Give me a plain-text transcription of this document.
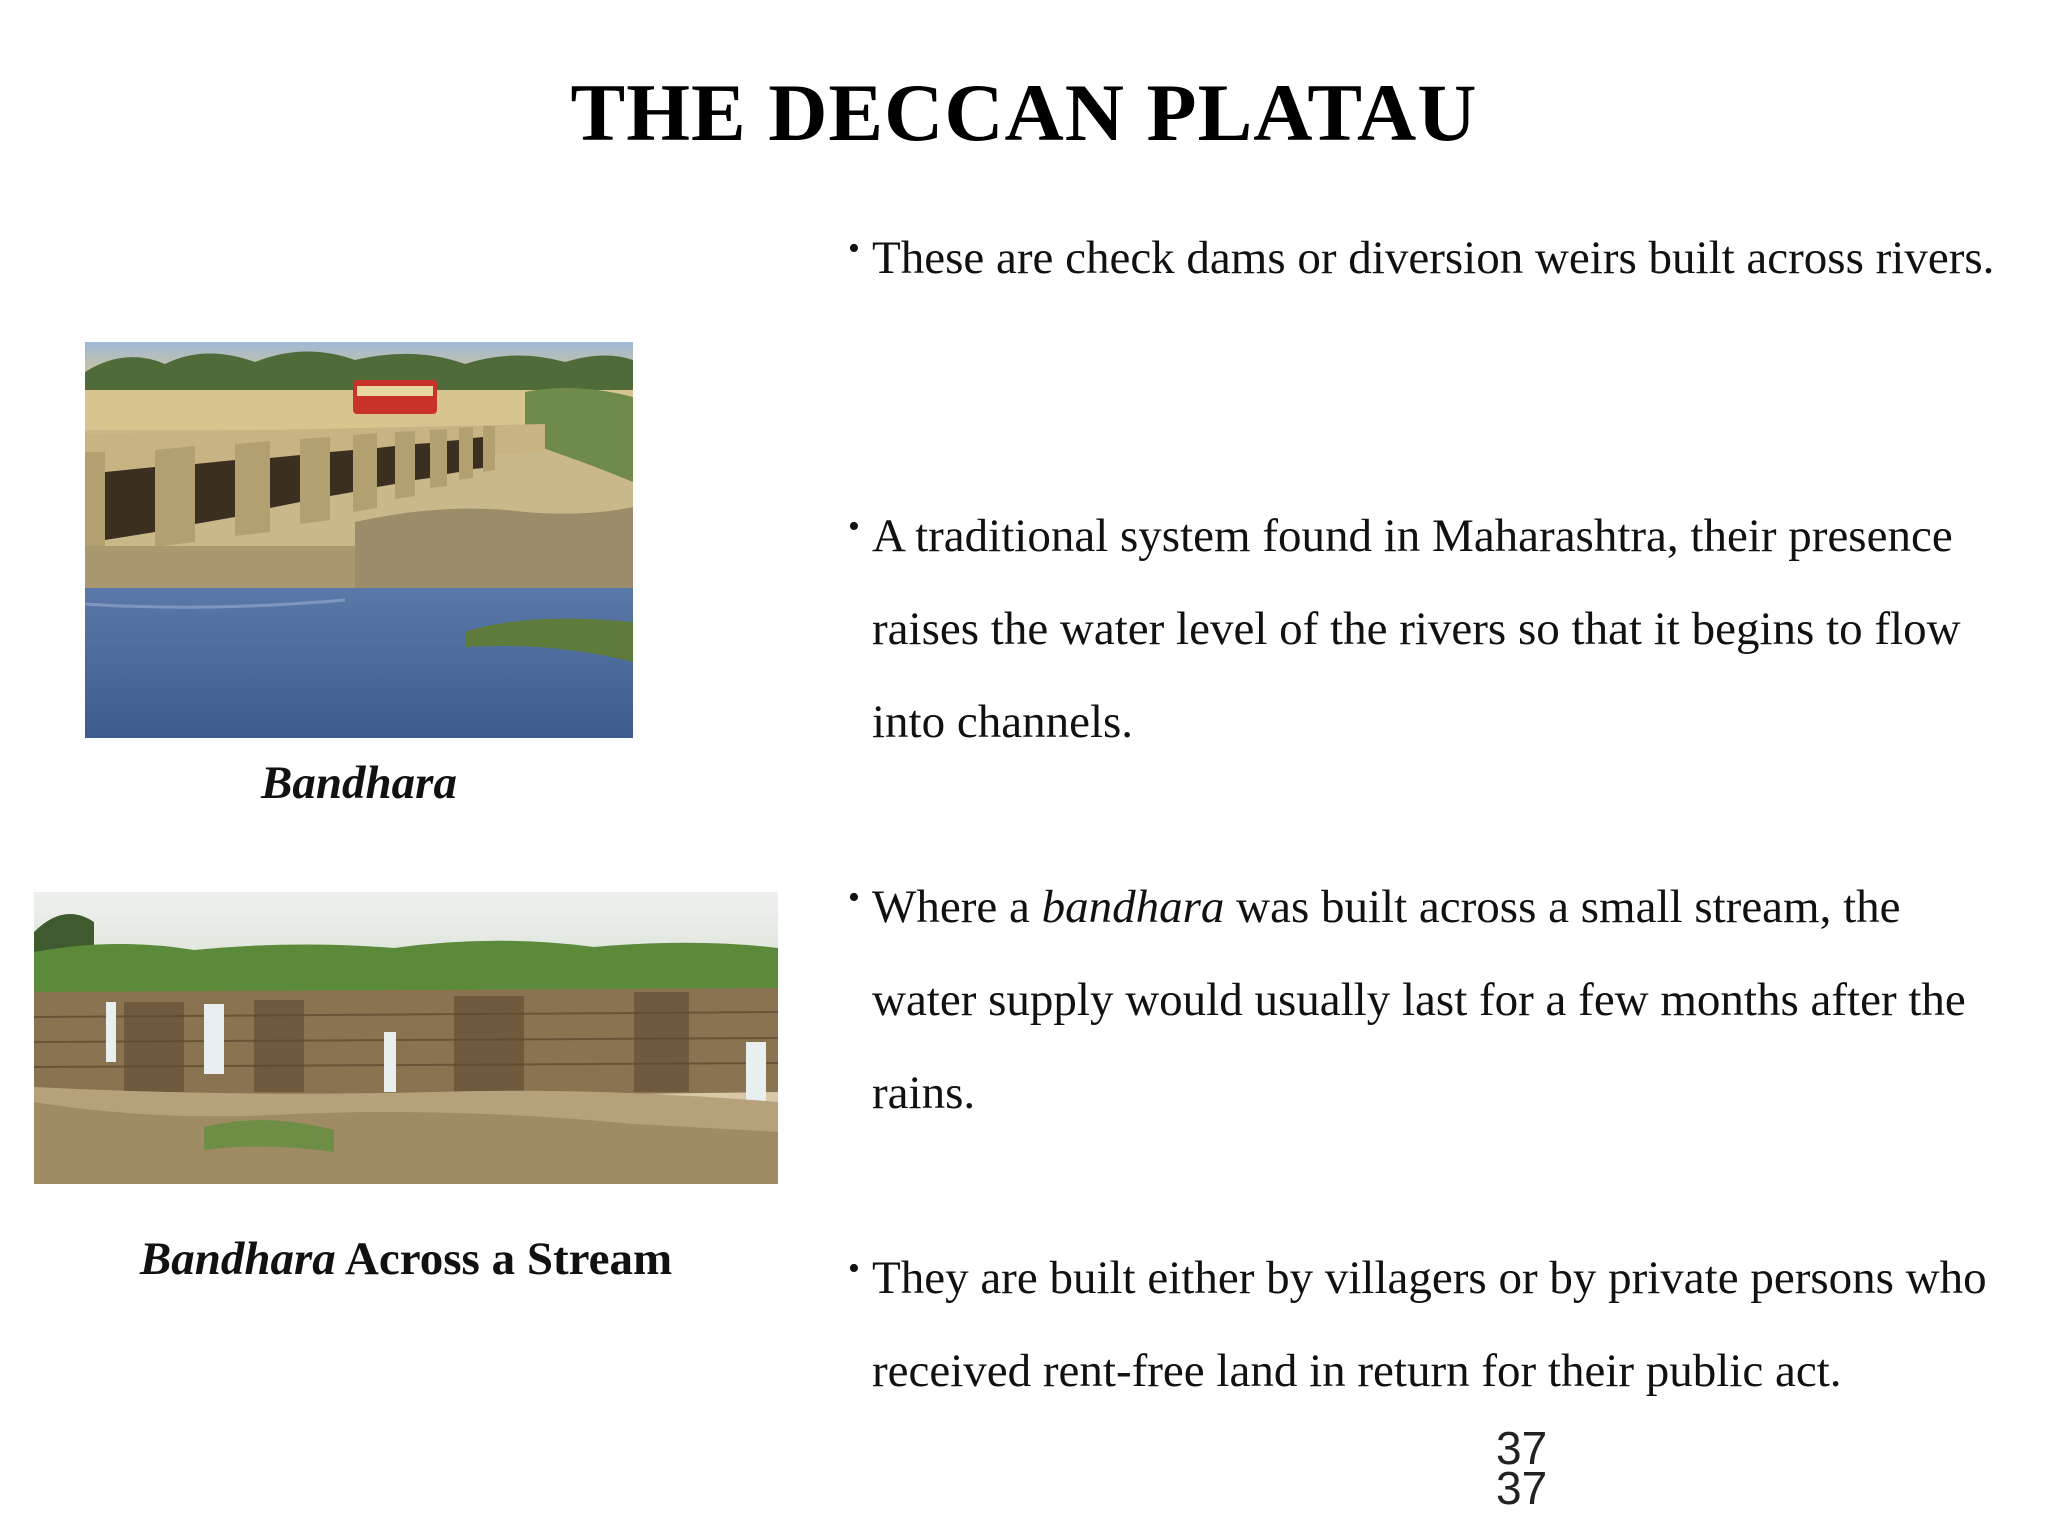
THE DECCAN PLATAU
Bandhara
Bandhara Across a Stream
• These are check dams or diversion weirs built across rivers.
• A traditional system found in Maharashtra, their presence raises the water level of the rivers so that it begins to flow into channels.
• Where a bandhara was built across a small stream, the water supply would usually last for a few months after the rains.
• They are built either by villagers or by private persons who received rent-free land in return for their public act.
37
37
